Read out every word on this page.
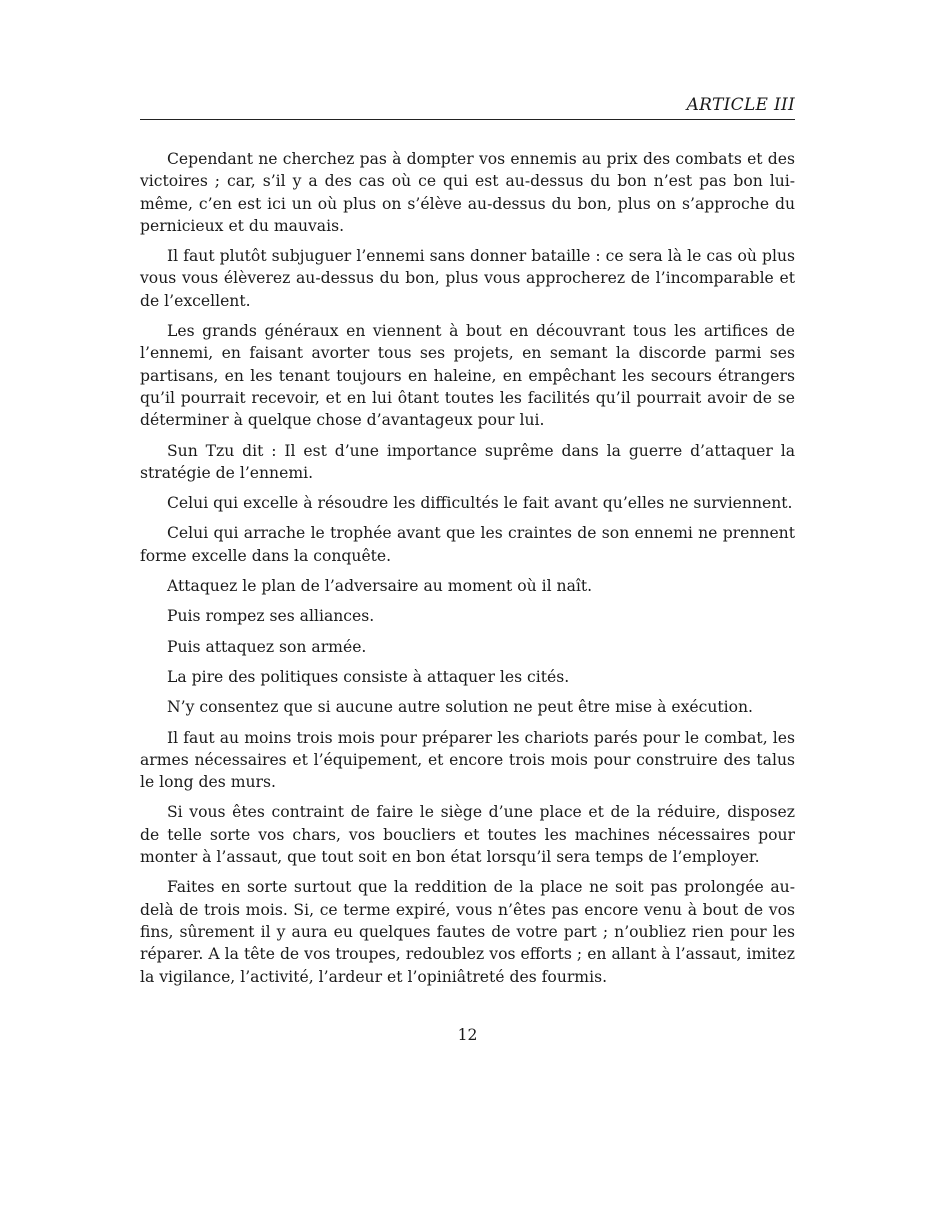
ARTICLE III

Cependant ne cherchez pas à dompter vos ennemis au prix des combats et des victoires ; car, s’il y a des cas où ce qui est au-dessus du bon n’est pas bon lui-même, c’en est ici un où plus on s’élève au-dessus du bon, plus on s’approche du pernicieux et du mauvais.

Il faut plutôt subjuguer l’ennemi sans donner bataille : ce sera là le cas où plus vous vous élèverez au-dessus du bon, plus vous approcherez de l’incomparable et de l’excellent.

Les grands généraux en viennent à bout en découvrant tous les artifices de l’ennemi, en faisant avorter tous ses projets, en semant la discorde parmi ses partisans, en les tenant toujours en haleine, en empêchant les secours étrangers qu’il pourrait recevoir, et en lui ôtant toutes les facilités qu’il pourrait avoir de se déterminer à quelque chose d’avantageux pour lui.

Sun Tzu dit : Il est d’une importance suprême dans la guerre d’attaquer la stratégie de l’ennemi.

Celui qui excelle à résoudre les difficultés le fait avant qu’elles ne surviennent.

Celui qui arrache le trophée avant que les craintes de son ennemi ne prennent forme excelle dans la conquête.

Attaquez le plan de l’adversaire au moment où il naît.

Puis rompez ses alliances.

Puis attaquez son armée.

La pire des politiques consiste à attaquer les cités.

N’y consentez que si aucune autre solution ne peut être mise à exécution.

Il faut au moins trois mois pour préparer les chariots parés pour le combat, les armes nécessaires et l’équipement, et encore trois mois pour construire des talus le long des murs.

Si vous êtes contraint de faire le siège d’une place et de la réduire, disposez de telle sorte vos chars, vos boucliers et toutes les machines nécessaires pour monter à l’assaut, que tout soit en bon état lorsqu’il sera temps de l’employer.

Faites en sorte surtout que la reddition de la place ne soit pas prolongée au-delà de trois mois. Si, ce terme expiré, vous n’êtes pas encore venu à bout de vos fins, sûrement il y aura eu quelques fautes de votre part ; n’oubliez rien pour les réparer. A la tête de vos troupes, redoublez vos efforts ; en allant à l’assaut, imitez la vigilance, l’activité, l’ardeur et l’opiniâtreté des fourmis.

12
